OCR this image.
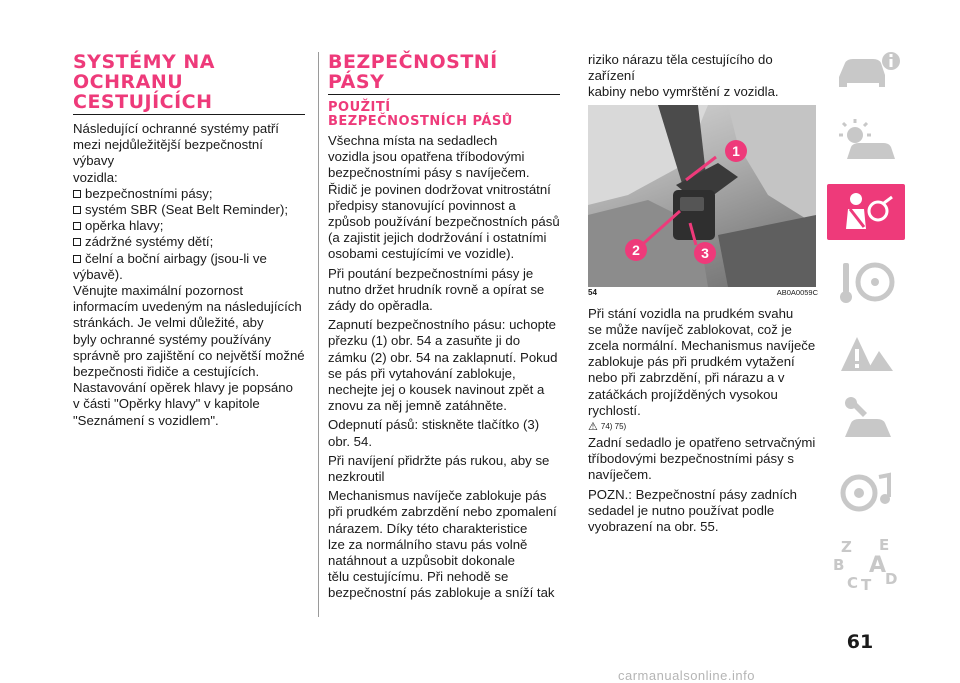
SYSTÉMY NA
OCHRANU
CESTUJÍCÍCH

Následující ochranné systémy patří

mezi nejdůležitější bezpečnostní výbavy

vozidla:

bezpečnostními pásy;
systém SBR (Seat Belt Reminder);
opěrka hlavy;
zádržné systémy dětí;
čelní a boční airbagy (jsou-li ve

výbavě).

Věnujte maximální pozornost

informacím uvedeným na následujících

stránkách. Je velmi důležité, aby

byly ochranné systémy používány

správně pro zajištění co největší možné

bezpečnosti řidiče a cestujících.

Nastavování opěrek hlavy je popsáno

v části "Opěrky hlavy" v kapitole

"Seznámení s vozidlem".

BEZPEČNOSTNÍ
PÁSY
POUŽITÍ
BEZPEČNOSTNÍCH PÁSŮ

Všechna místa na sedadlech

vozidla jsou opatřena tříbodovými

bezpečnostními pásy s navíječem.

Řidič je povinen dodržovat vnitrostátní

předpisy stanovující povinnost a

způsob používání bezpečnostních pásů

(a zajistit jejich dodržování i ostatními

osobami cestujícími ve vozidle).

Při poutání bezpečnostními pásy je

nutno držet hrudník rovně a opírat se

zády do opěradla.

Zapnutí bezpečnostního pásu: uchopte

přezku (1) obr. 54 a zasuňte ji do

zámku (2) obr. 54 na zaklapnutí. Pokud

se pás při vytahování zablokuje,

nechejte jej o kousek navinout zpět a

znovu za něj jemně zatáhněte.

Odepnutí pásů: stiskněte tlačítko (3)

obr. 54.

Při navíjení přidržte pás rukou, aby se

nezkroutil

Mechanismus navíječe zablokuje pás

při prudkém zabrzdění nebo zpomalení

nárazem. Díky této charakteristice

lze za normálního stavu pás volně

natáhnout a uzpůsobit dokonale

tělu cestujícímu. Při nehodě se

bezpečnostní pás zablokuje a sníží tak

riziko nárazu těla cestujícího do zařízení

kabiny nebo vymrštění z vozidla.

1
2	3
54	AB0A0059C

Při stání vozidla na prudkém svahu

se může navíječ zablokovat, což je

zcela normální. Mechanismus navíječe

zablokuje pás při prudkém vytažení

nebo při zabrzdění, při nárazu a v

zatáčkách projížděných vysokou

rychlostí.

⚠ 74) 75)

Zadní sedadlo je opatřeno setrvačnými

tříbodovými bezpečnostními pásy s

navíječem.

POZN.: Bezpečnostní pásy zadních

sedadel je nutno používat podle

vyobrazení na obr. 55.

Z E
B A
C T D
61
carmanualsonline.info
